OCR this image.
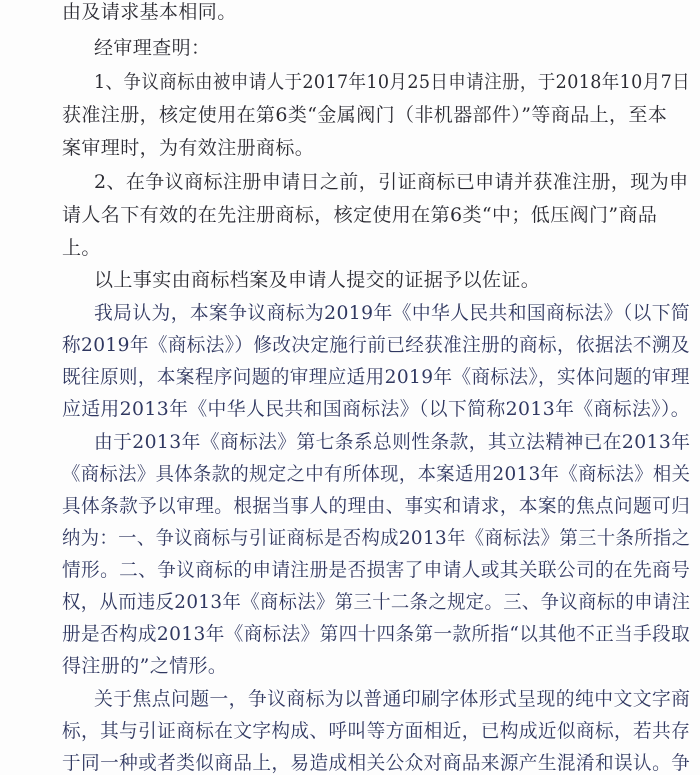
由及请求基本相同。
经审理查明：
1、争议商标由被申请人于2017年10月25日申请注册，于2018年10月7日
获准注册，核定使用在第6类“金属阀门（非机器部件）”等商品上，至本
案审理时，为有效注册商标。
2、在争议商标注册申请日之前，引证商标已申请并获准注册，现为申
请人名下有效的在先注册商标，核定使用在第6类“中；低压阀门”商品
上。
以上事实由商标档案及申请人提交的证据予以佐证。
我局认为，本案争议商标为2019年《中华人民共和国商标法》（以下简
称2019年《商标法》）修改决定施行前已经获准注册的商标，依据法不溯及
既往原则，本案程序问题的审理应适用2019年《商标法》，实体问题的审理
应适用2013年《中华人民共和国商标法》（以下简称2013年《商标法》）。
由于2013年《商标法》第七条系总则性条款，其立法精神已在2013年
《商标法》具体条款的规定之中有所体现，本案适用2013年《商标法》相关
具体条款予以审理。根据当事人的理由、事实和请求，本案的焦点问题可归
纳为：一、争议商标与引证商标是否构成2013年《商标法》第三十条所指之
情形。二、争议商标的申请注册是否损害了申请人或其关联公司的在先商号
权，从而违反2013年《商标法》第三十二条之规定。三、争议商标的申请注
册是否构成2013年《商标法》第四十四条第一款所指“以其他不正当手段取
得注册的”之情形。
关于焦点问题一，争议商标为以普通印刷字体形式呈现的纯中文文字商
标，其与引证商标在文字构成、呼叫等方面相近，已构成近似商标，若共存
于同一种或者类似商品上，易造成相关公众对商品来源产生混淆和误认。争
